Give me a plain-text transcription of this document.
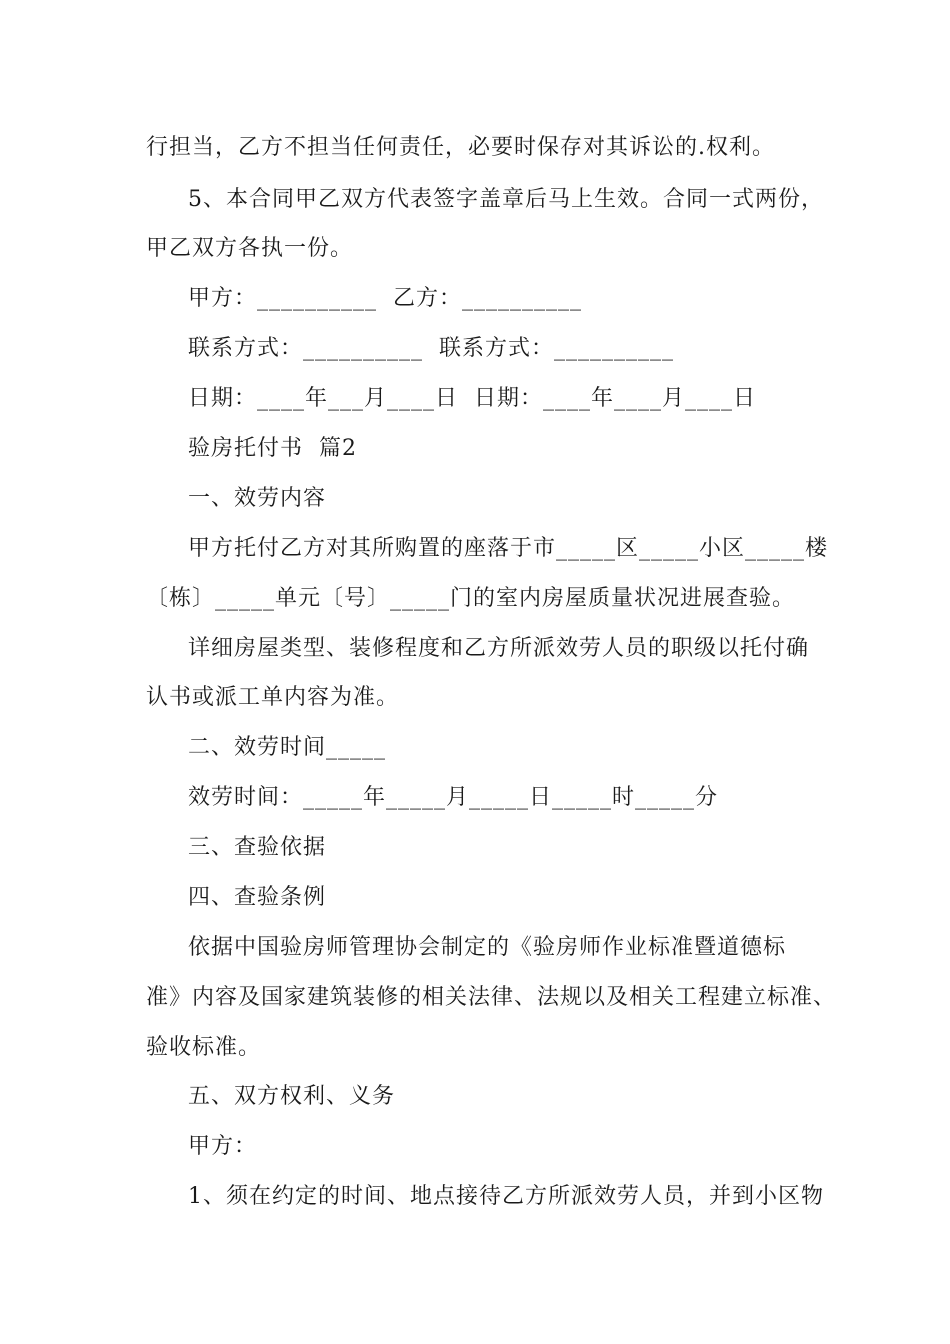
行担当，乙方不担当任何责任，必要时保存对其诉讼的.权利。
5、本合同甲乙双方代表签字盖章后马上生效。合同一式两份，
甲乙双方各执一份。
甲方：__________  乙方：__________
联系方式：__________  联系方式：__________
日期：____年___月____日  日期：____年____月____日
验房托付书  篇2
一、效劳内容
甲方托付乙方对其所购置的座落于市_____区_____小区_____楼
〔栋〕_____单元〔号〕_____门的室内房屋质量状况进展查验。
详细房屋类型、装修程度和乙方所派效劳人员的职级以托付确
认书或派工单内容为准。
二、效劳时间_____
效劳时间：_____年_____月_____日_____时_____分
三、查验依据
四、查验条例
依据中国验房师管理协会制定的《验房师作业标准暨道德标
准》内容及国家建筑装修的相关法律、法规以及相关工程建立标准、
验收标准。
五、双方权利、义务
甲方：
1、须在约定的时间、地点接待乙方所派效劳人员，并到小区物
